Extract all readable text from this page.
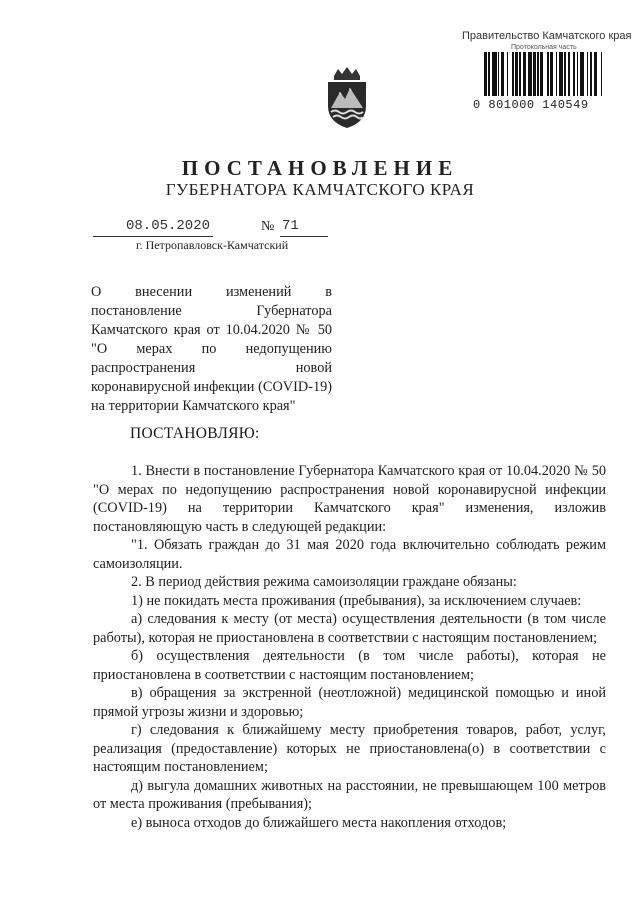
Правительство Камчатского края
Протокольная часть
0 801000 140549
ПОСТАНОВЛЕНИЕ
ГУБЕРНАТОРА КАМЧАТСКОГО КРАЯ
08.05.2020	№ 71
г. Петропавловск-Камчатский
О внесении изменений в постановление Губернатора Камчатского края от 10.04.2020 № 50 "О мерах по недопущению распространения новой коронавирусной инфекции (COVID-19) на территории Камчатского края"
ПОСТАНОВЛЯЮ:

1. Внести в постановление Губернатора Камчатского края от 10.04.2020 № 50 "О мерах по недопущению распространения новой коронавирусной инфекции (COVID-19) на территории Камчатского края" изменения, изложив постановляющую часть в следующей редакции:

"1. Обязать граждан до 31 мая 2020 года включительно соблюдать режим самоизоляции.

2. В период действия режима самоизоляции граждане обязаны:

1) не покидать места проживания (пребывания), за исключением случаев:

а) следования к месту (от места) осуществления деятельности (в том числе работы), которая не приостановлена в соответствии с настоящим постановлением;

б) осуществления деятельности (в том числе работы), которая не приостановлена в соответствии с настоящим постановлением;

в) обращения за экстренной (неотложной) медицинской помощью и иной прямой угрозы жизни и здоровью;

г) следования к ближайшему месту приобретения товаров, работ, услуг, реализация (предоставление) которых не приостановлена(о) в соответствии с настоящим постановлением;

д) выгула домашних животных на расстоянии, не превышающем 100 метров от места проживания (пребывания);

е) выноса отходов до ближайшего места накопления отходов;
